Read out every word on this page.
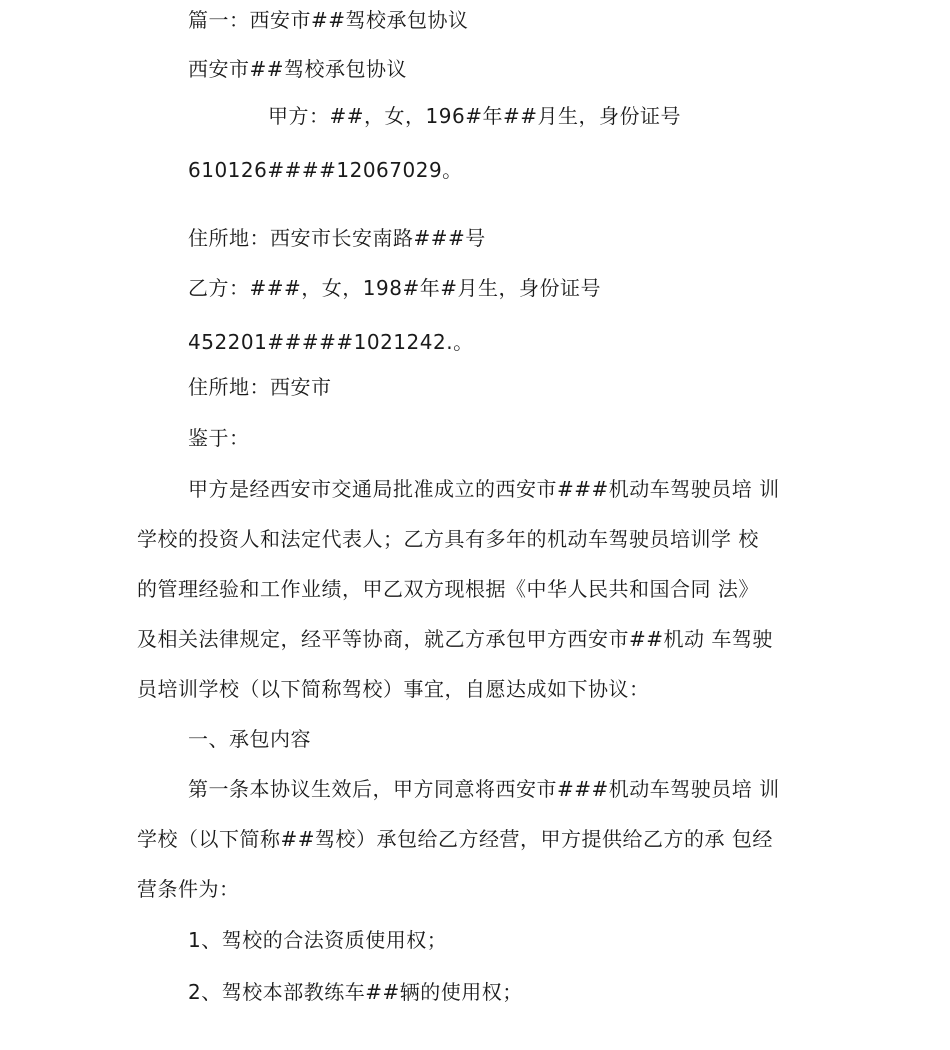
篇一：西安市##驾校承包协议

西安市##驾校承包协议

甲方：##，女，196#年##月生，身份证号

610126####12067029。

住所地：西安市长安南路###号

乙方：###，女，198#年#月生，身份证号

452201#####1021242.。

住所地：西安市

鉴于：

甲方是经西安市交通局批准成立的西安市###机动车驾驶员培 训

学校的投资人和法定代表人；乙方具有多年的机动车驾驶员培训学 校

的管理经验和工作业绩，甲乙双方现根据《中华人民共和国合同 法》

及相关法律规定，经平等协商，就乙方承包甲方西安市##机动 车驾驶

员培训学校（以下简称驾校）事宜，自愿达成如下协议：

一、承包内容

第一条本协议生效后，甲方同意将西安市###机动车驾驶员培 训

学校（以下简称##驾校）承包给乙方经营，甲方提供给乙方的承 包经

营条件为：

1、驾校的合法资质使用权；

2、驾校本部教练车##辆的使用权；
